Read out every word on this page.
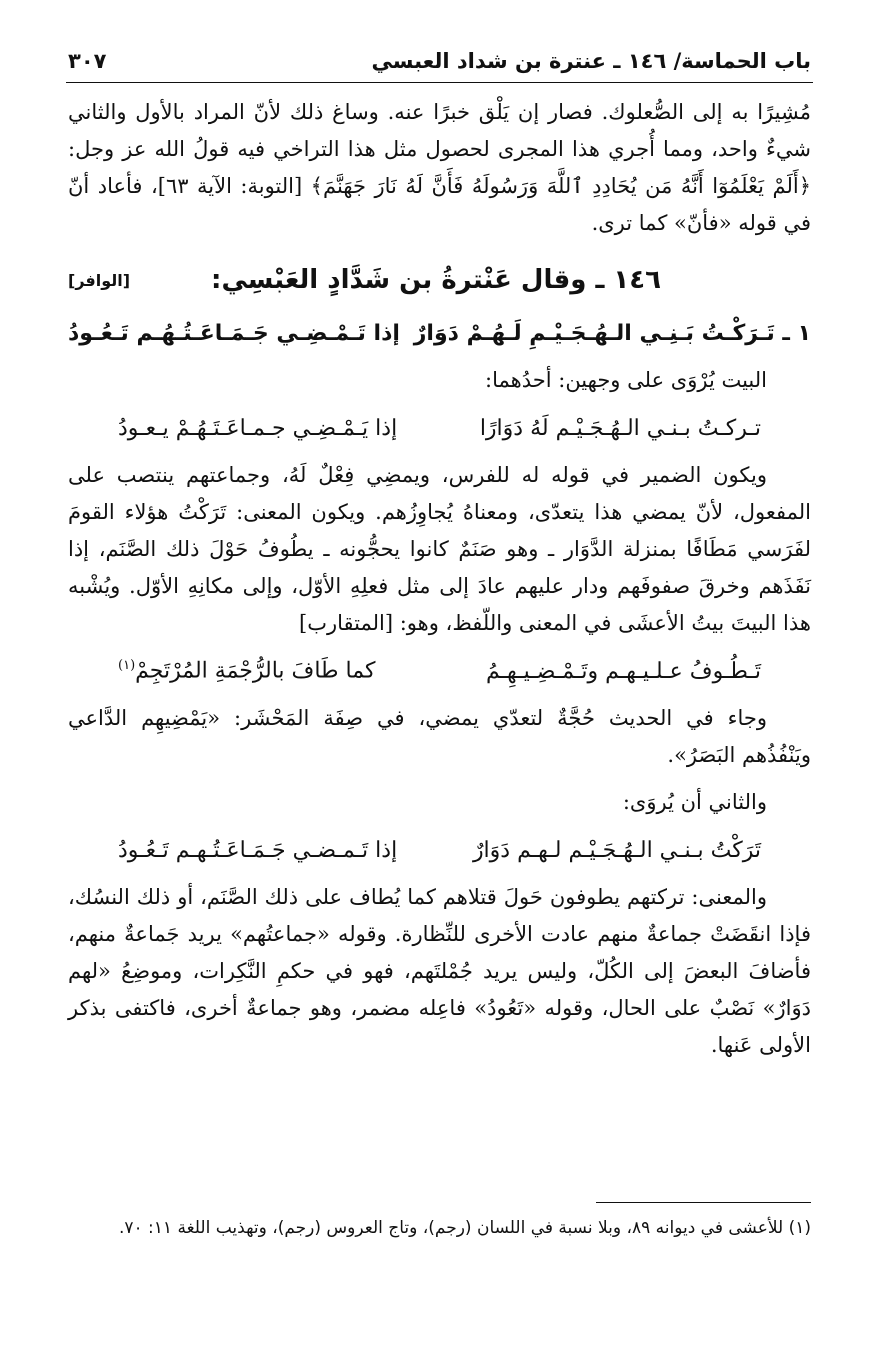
باب الحماسة/ ١٤٦ ـ عنترة بن شداد العبسي
٣٠٧

مُشِيرًا به إلى الصُّعلوك. فصار إن يَلْق خبرًا عنه. وساغ ذلك لأنّ المراد بالأول والثاني شيءٌ واحد، ومما أُجري هذا المجرى لحصول مثل هذا التراخي فيه قولُ الله عز وجل: ﴿أَلَمْ يَعْلَمُوٓا أَنَّهُ مَن يُحَادِدِ ٱللَّهَ وَرَسُولَهُ فَأَنَّ لَهُ نَارَ جَهَنَّمَ﴾ [التوبة: الآية ٦٣]، فأعاد أنّ في قوله «فأنّ» كما ترى.

١٤٦ ـ وقال عَنْترةُ بن شَدَّادٍ العَبْسِي:
[الوافر]
١ ـ تَـرَكْـتُ بَـنِـي الـهُـجَـيْـمِ لَـهُـمْ دَوَارٌ
إذا تَـمْـضِـي جَـمَـاعَـتُـهُـم تَـعُـودُ

البيت يُرْوَى على وجهين: أحدُهما:

تـركـتُ بـنـي الـهُـجَـيْـم لَهُ دَوَارًا
إذا يَـمْـضِـي جـمـاعَـتَـهُـمْ يـعـودُ

ويكون الضمير في قوله له للفرس، ويمضِي فِعْلٌ لَهُ، وجماعتهم ينتصب على المفعول، لأنّ يمضي هذا يتعدّى، ومعناهُ يُجاوِزُهم. ويكون المعنى: تَرَكْتُ هؤلاء القومَ لفَرَسي مَطَافًا بمنزلة الدَّوَار ـ وهو صَنَمٌ كانوا يحجُّونه ـ يطُوفُ حَوْلَ ذلك الصَّنَم، إذا نَفَذَهم وخرقَ صفوفَهم ودار عليهم عادَ إلى مثل فعلِهِ الأوّل، وإلى مكانِهِ الأوّل. ويُشْبه هذا البيتَ بيتُ الأعشَى في المعنى واللّفظ، وهو: [المتقارب]

تَـطُـوفُ عـلـيـهـم وتَـمْـضِـيـهِـمُ
كما طَافَ بالرُّجْمَةِ المُرْتَجِمْ$^{(١)}$

وجاء في الحديث حُجَّةٌ لتعدّي يمضي، في صِفَة المَحْشَر: «يَمْضِيهِم الدَّاعي ويَنْفُذُهم البَصَرُ».

والثاني أن يُروَى:

تَرَكْتُ بـنـي الـهُـجَـيْـم لـهـم دَوَارٌ
إذا تَـمـضـي جَـمَـاعَـتُـهـم تَـعُـودُ

والمعنى: تركتهم يطوفون حَولَ قتلاهم كما يُطاف على ذلك الصَّنَم، أو ذلك النسُك، فإذا انقَضَتْ جماعةٌ منهم عادت الأخرى للنِّظارة. وقوله «جماعتُهم» يريد جَماعةٌ منهم، فأضافَ البعضَ إلى الكُلّ، وليس يريد جُمْلتَهم، فهو في حكمِ النَّكِرات، وموضِعُ «لهم دَوَارٌ» نَصْبٌ على الحال، وقوله «تَعُودُ» فاعِله مضمر، وهو جماعةٌ أخرى، فاكتفى بذكر الأولى عَنها.

(١) للأعشى في ديوانه ٨٩، وبلا نسبة في اللسان (رجم)، وتاج العروس (رجم)، وتهذيب اللغة ١١: ٧٠.
